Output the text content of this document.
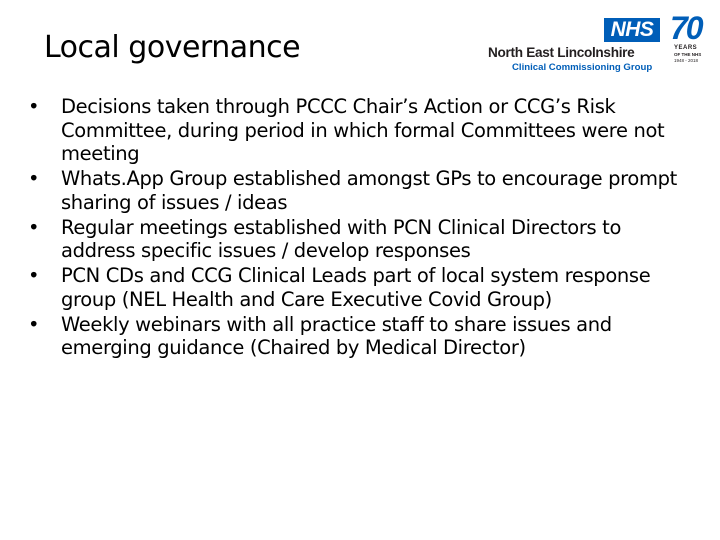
Local governance
NHS
North East Lincolnshire
Clinical Commissioning Group
70
YEARS
OF THE NHS
1948 - 2018
•	Decisions taken through PCCC Chair’s Action or CCG’s Risk Committee, during period in which formal Committees were not meeting
•	Whats.App Group established amongst GPs to encourage prompt sharing of issues / ideas
•	Regular meetings established with PCN Clinical Directors to address specific issues / develop responses
•	PCN CDs and CCG Clinical Leads part of local system response group (NEL Health and Care Executive Covid Group)
•	Weekly webinars with all practice staff to share issues and emerging guidance (Chaired by Medical Director)
